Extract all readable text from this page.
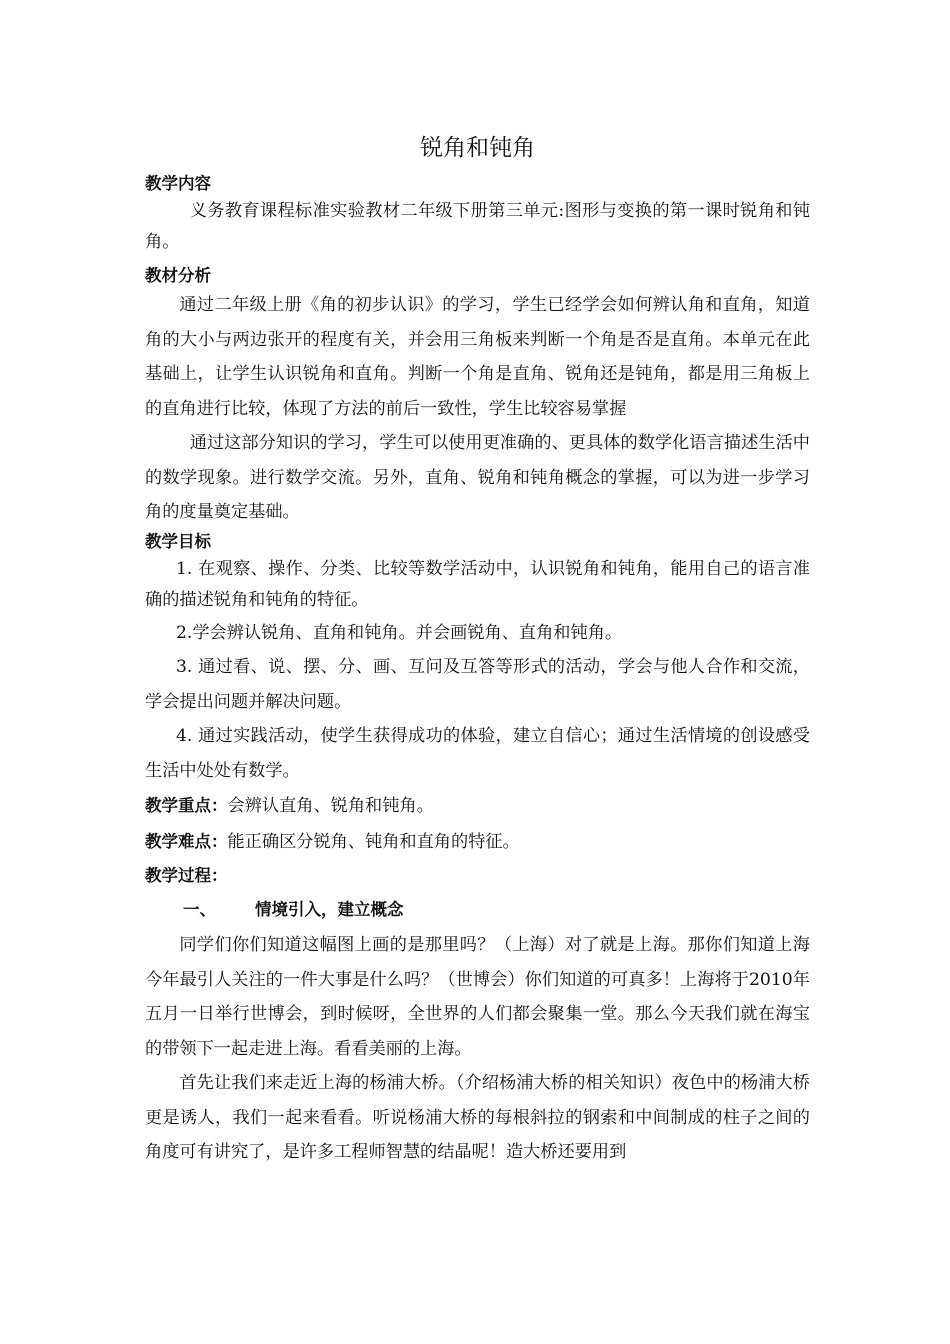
锐角和钝角
教学内容

义务教育课程标准实验教材二年级下册第三单元:图形与变换的第一课时锐角和钝角。

教材分析

通过二年级上册《角的初步认识》的学习，学生已经学会如何辨认角和直角，知道角的大小与两边张开的程度有关，并会用三角板来判断一个角是否是直角。本单元在此基础上，让学生认识锐角和直角。判断一个角是直角、锐角还是钝角，都是用三角板上的直角进行比较，体现了方法的前后一致性，学生比较容易掌握

通过这部分知识的学习，学生可以使用更准确的、更具体的数学化语言描述生活中的数学现象。进行数学交流。另外，直角、锐角和钝角概念的掌握，可以为进一步学习角的度量奠定基础。

教学目标

1. 在观察、操作、分类、比较等数学活动中，认识锐角和钝角，能用自己的语言准确的描述锐角和钝角的特征。

2.学会辨认锐角、直角和钝角。并会画锐角、直角和钝角。

3. 通过看、说、摆、分、画、互问及互答等形式的活动，学会与他人合作和交流，学会提出问题并解决问题。

4. 通过实践活动，使学生获得成功的体验，建立自信心；通过生活情境的创设感受生活中处处有数学。

教学重点：会辨认直角、锐角和钝角。

教学难点：能正确区分锐角、钝角和直角的特征。

教学过程：
一、 情境引入，建立概念

同学们你们知道这幅图上画的是那里吗？（上海）对了就是上海。那你们知道上海今年最引人关注的一件大事是什么吗？（世博会）你们知道的可真多！上海将于2010年五月一日举行世博会，到时候呀，全世界的人们都会聚集一堂。那么今天我们就在海宝的带领下一起走进上海。看看美丽的上海。

首先让我们来走近上海的杨浦大桥。（介绍杨浦大桥的相关知识）夜色中的杨浦大桥更是诱人，我们一起来看看。听说杨浦大桥的每根斜拉的钢索和中间制成的柱子之间的角度可有讲究了，是许多工程师智慧的结晶呢！造大桥还要用到
